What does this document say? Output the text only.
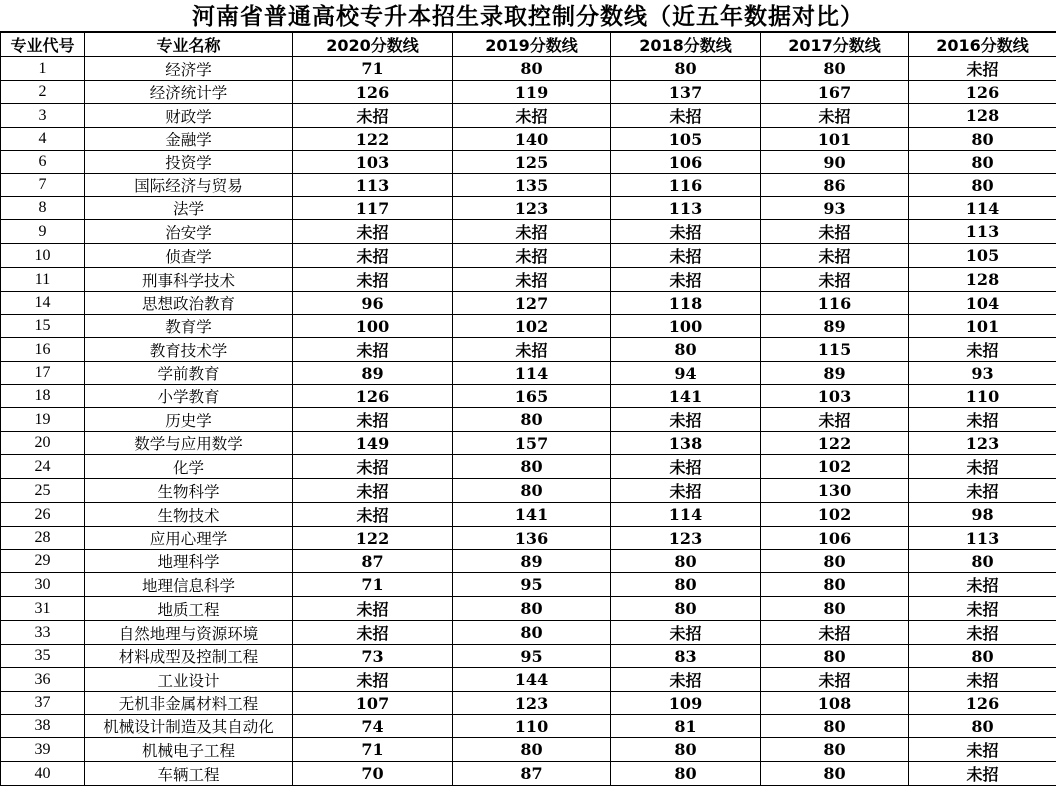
河南省普通高校专升本招生录取控制分数线（近五年数据对比）
专业代号	专业名称	2020分数线	2019分数线	2018分数线	2017分数线	2016分数线
1	经济学	71	80	80	80	未招
2	经济统计学	126	119	137	167	126
3	财政学	未招	未招	未招	未招	128
4	金融学	122	140	105	101	80
6	投资学	103	125	106	90	80
7	国际经济与贸易	113	135	116	86	80
8	法学	117	123	113	93	114
9	治安学	未招	未招	未招	未招	113
10	侦查学	未招	未招	未招	未招	105
11	刑事科学技术	未招	未招	未招	未招	128
14	思想政治教育	96	127	118	116	104
15	教育学	100	102	100	89	101
16	教育技术学	未招	未招	80	115	未招
17	学前教育	89	114	94	89	93
18	小学教育	126	165	141	103	110
19	历史学	未招	80	未招	未招	未招
20	数学与应用数学	149	157	138	122	123
24	化学	未招	80	未招	102	未招
25	生物科学	未招	80	未招	130	未招
26	生物技术	未招	141	114	102	98
28	应用心理学	122	136	123	106	113
29	地理科学	87	89	80	80	80
30	地理信息科学	71	95	80	80	未招
31	地质工程	未招	80	80	80	未招
33	自然地理与资源环境	未招	80	未招	未招	未招
35	材料成型及控制工程	73	95	83	80	80
36	工业设计	未招	144	未招	未招	未招
37	无机非金属材料工程	107	123	109	108	126
38	机械设计制造及其自动化	74	110	81	80	80
39	机械电子工程	71	80	80	80	未招
40	车辆工程	70	87	80	80	未招
